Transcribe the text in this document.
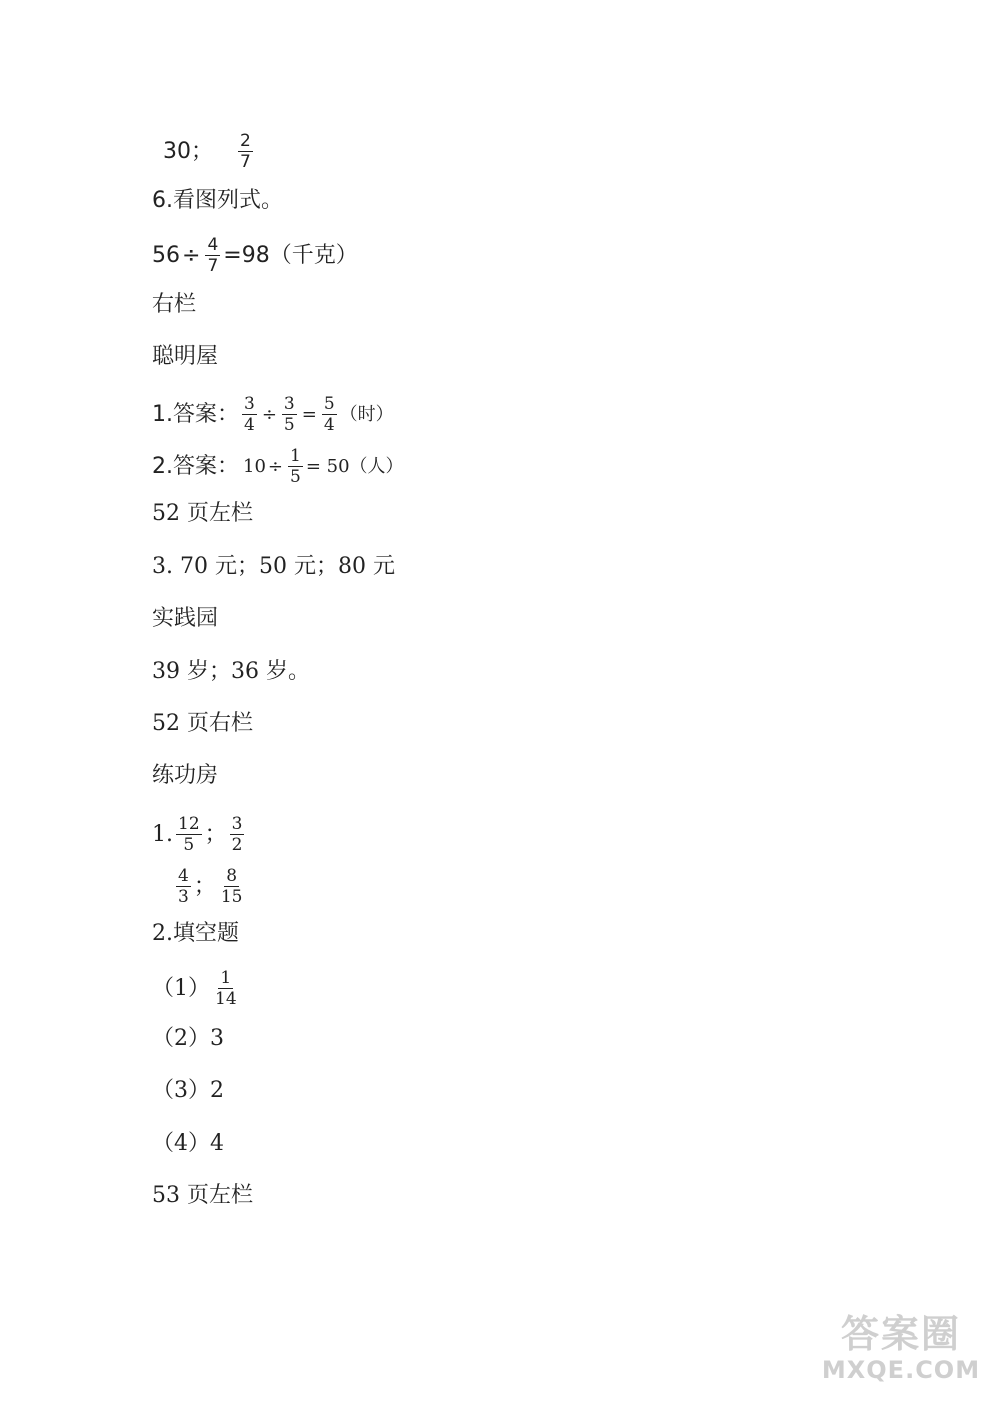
30； $\frac{2}{7}$
6.看图列式。
$56 \div \frac{4}{7} =98$（千克）
右栏
聪明屋
1.答案： $\frac{3}{4} \div \frac{3}{5} = \frac{5}{4}$ （时）
2.答案： $10 \div \frac{1}{5} = 50$（人）
52 页左栏
3. 70 元；50 元；80 元
实践园
39 岁；36 岁。
52 页右栏
练功房
1. $\frac{12}{5}$ ； $\frac{3}{2}$
$\frac{4}{3}$ ； $\frac{8}{15}$
2.填空题
$(1) \frac{1}{14}$
（2）3
（3）2
（4）4
53 页左栏
答案圈
MXQE.COM
